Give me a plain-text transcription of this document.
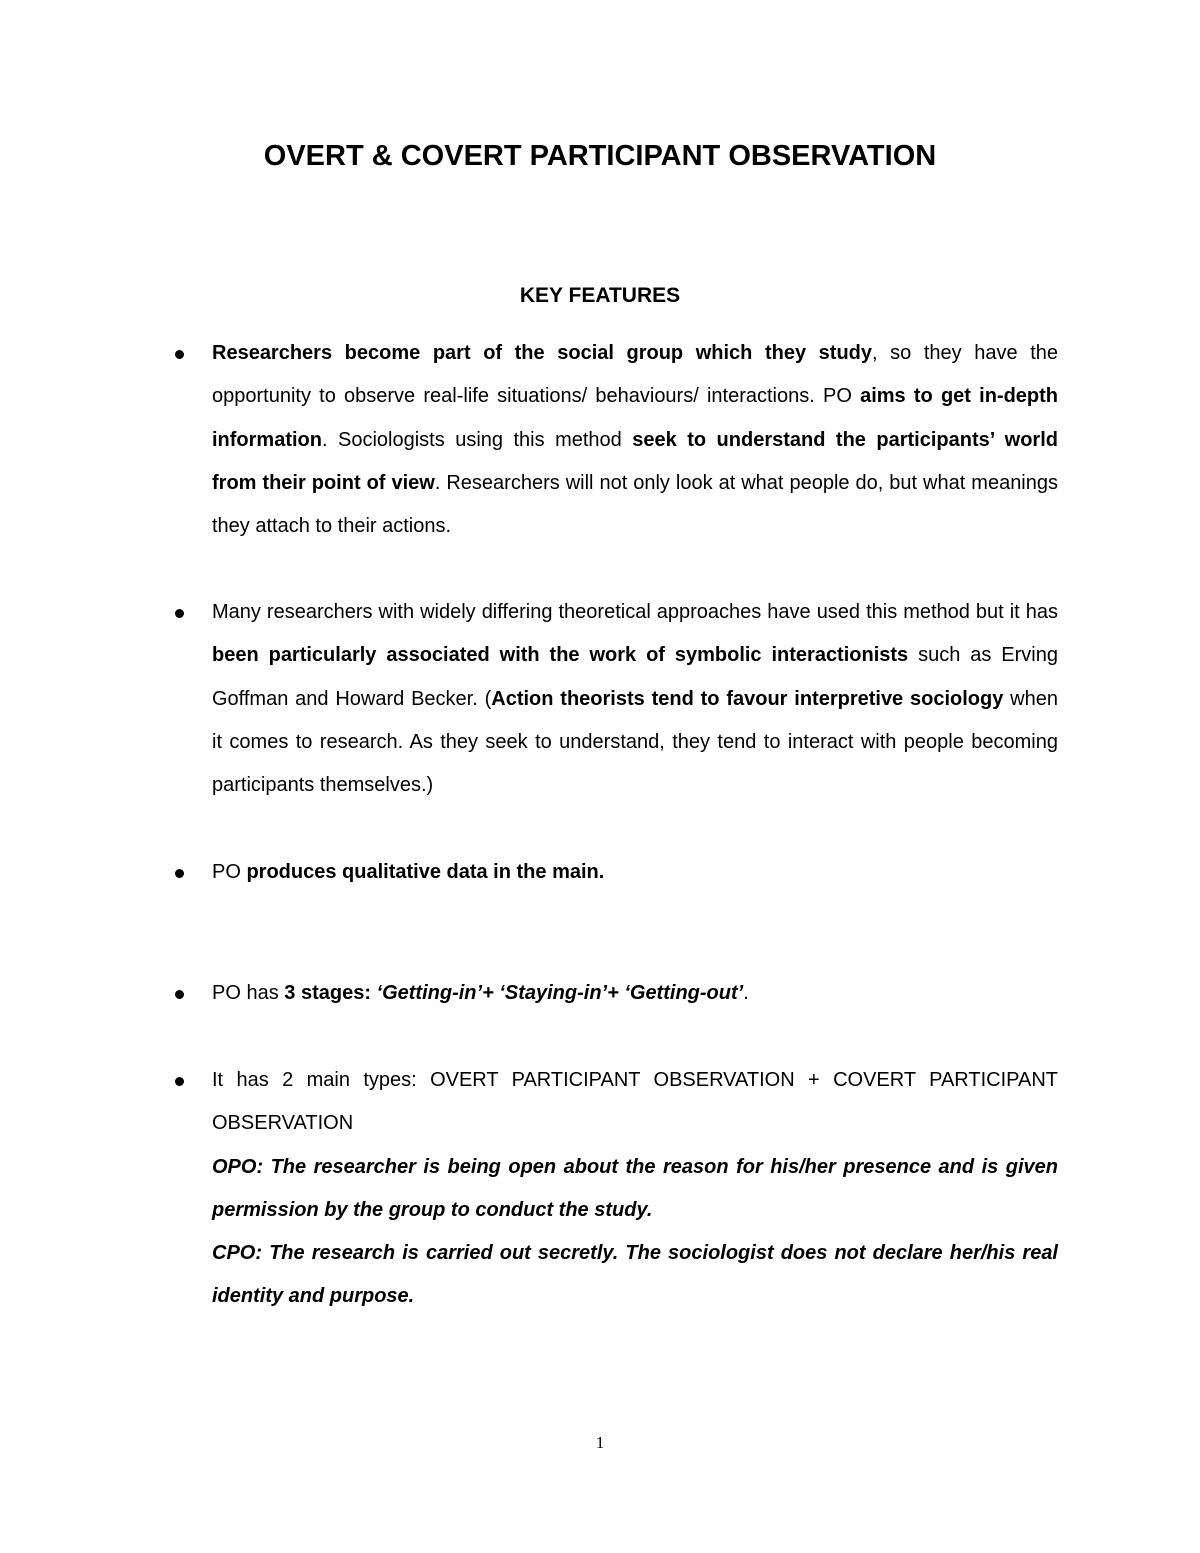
OVERT & COVERT PARTICIPANT OBSERVATION
KEY FEATURES
Researchers become part of the social group which they study, so they have the opportunity to observe real-life situations/ behaviours/ interactions. PO aims to get in-depth information. Sociologists using this method seek to understand the participants’ world from their point of view. Researchers will not only look at what people do, but what meanings they attach to their actions.
Many researchers with widely differing theoretical approaches have used this method but it has been particularly associated with the work of symbolic interactionists such as Erving Goffman and Howard Becker. (Action theorists tend to favour interpretive sociology when it comes to research. As they seek to understand, they tend to interact with people becoming participants themselves.)
PO produces qualitative data in the main.
PO has 3 stages: ‘Getting-in’+ ‘Staying-in’+ ‘Getting-out’.
It has 2 main types: OVERT PARTICIPANT OBSERVATION + COVERT PARTICIPANT OBSERVATION
OPO: The researcher is being open about the reason for his/her presence and is given permission by the group to conduct the study.
CPO: The research is carried out secretly. The sociologist does not declare her/his real identity and purpose.
1
